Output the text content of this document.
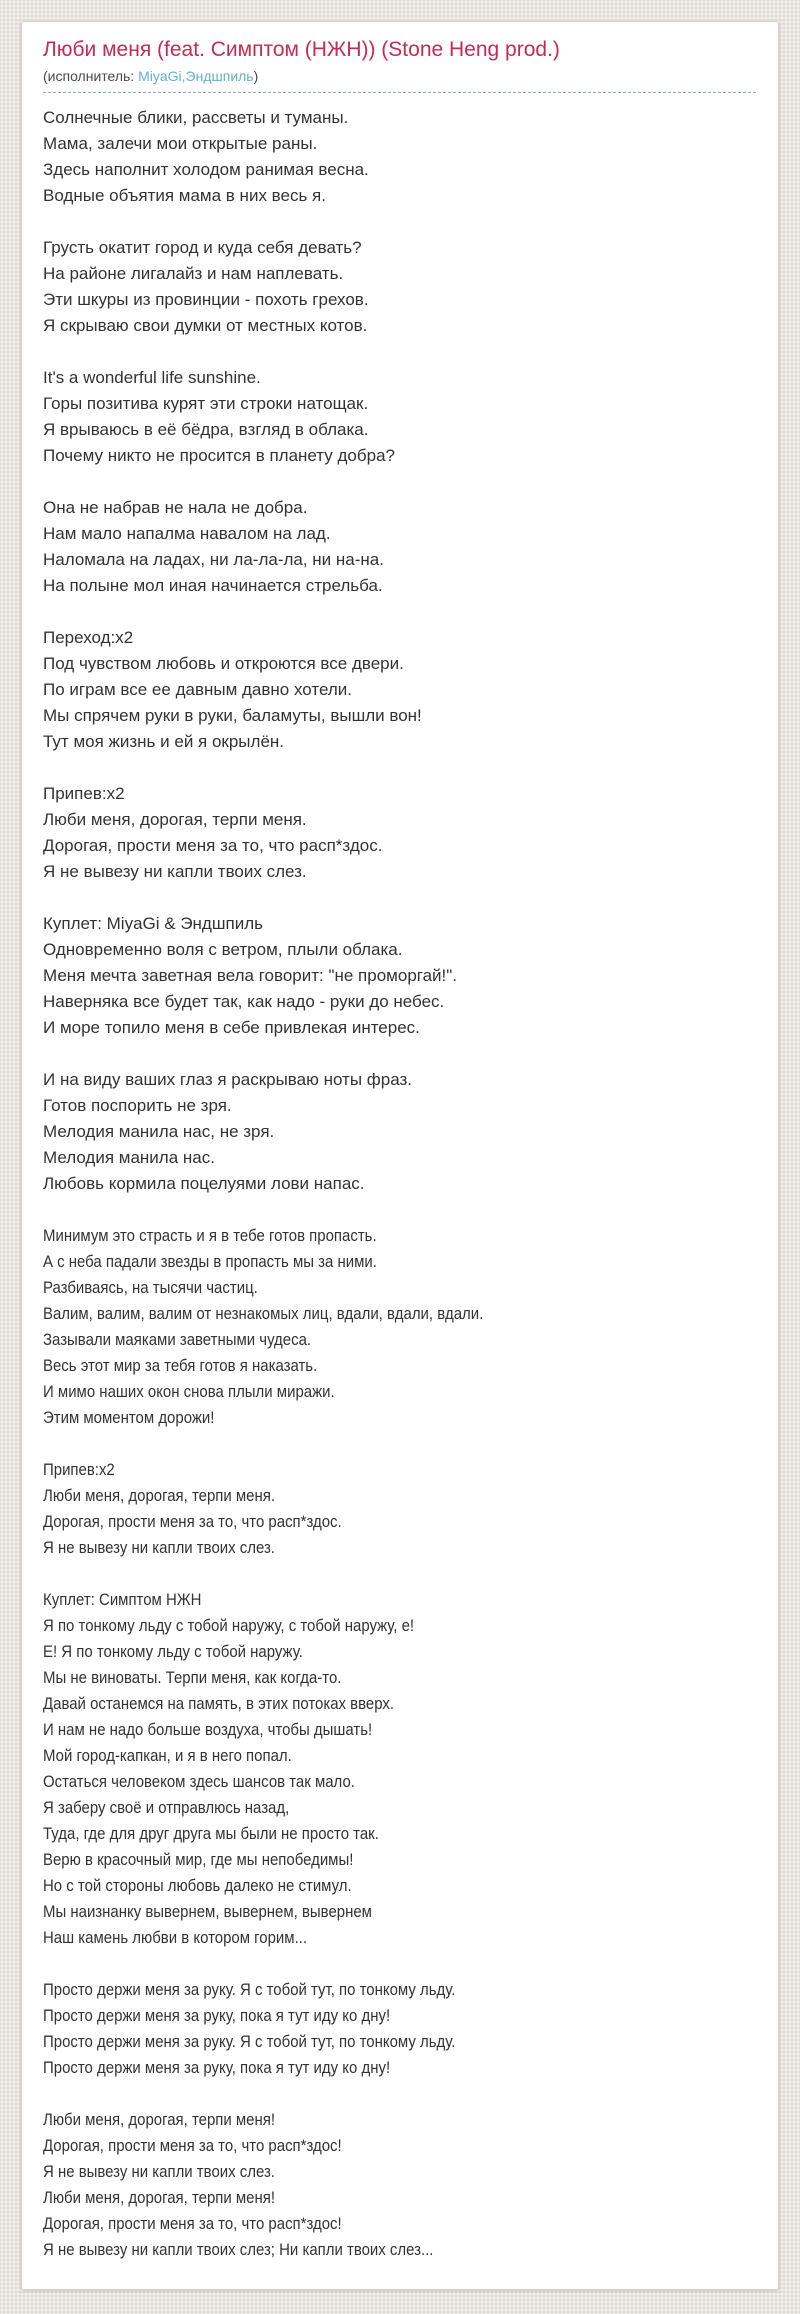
Люби меня (feat. Симптом (НЖН)) (Stone Heng prod.)
(исполнитель: MiyaGi,Эндшпиль)
Солнечные блики, рассветы и туманы.
Мама, залечи мои открытые раны.
Здесь наполнит холодом ранимая весна.
Водные объятия мама в них весь я.
Грусть окатит город и куда себя девать?
На районе лигалайз и нам наплевать.
Эти шкуры из провинции - похоть грехов.
Я скрываю свои думки от местных котов.
It's a wonderful life sunshine.
Горы позитива курят эти строки натощак.
Я врываюсь в её бёдра, взгляд в облака.
Почему никто не просится в планету добра?
Она не набрав не нала не добра.
Нам мало напалма навалом на лад.
Наломала на ладах, ни ла-ла-ла, ни на-на.
На полыне мол иная начинается стрельба.
Переход:x2
Под чувством любовь и откроются все двери.
По играм все ее давным давно хотели.
Мы спрячем руки в руки, баламуты, вышли вон!
Тут моя жизнь и ей я окрылён.
Припев:x2
Люби меня, дорогая, терпи меня.
Дорогая, прости меня за то, что расп*здос.
Я не вывезу ни капли твоих слез.
Куплет: MiyaGi & Эндшпиль
Одновременно воля с ветром, плыли облака.
Меня мечта заветная вела говорит: "не проморгай!".
Наверняка все будет так, как надо - руки до небес.
И море топило меня в себе привлекая интерес.
И на виду ваших глаз я раскрываю ноты фраз.
Готов поспорить не зря.
Мелодия манила нас, не зря.
Мелодия манила нас.
Любовь кормила поцелуями лови напас.
Минимум это страсть и я в тебе готов пропасть.
А с неба падали звезды в пропасть мы за ними.
Разбиваясь, на тысячи частиц.
Валим, валим, валим от незнакомых лиц, вдали, вдали, вдали.
Зазывали маяками заветными чудеса.
Весь этот мир за тебя готов я наказать.
И мимо наших окон снова плыли миражи.
Этим моментом дорожи!
Припев:x2
Люби меня, дорогая, терпи меня.
Дорогая, прости меня за то, что расп*здос.
Я не вывезу ни капли твоих слез.
Куплет: Симптом НЖН
Я по тонкому льду с тобой наружу, с тобой наружу, е!
Е! Я по тонкому льду с тобой наружу.
Мы не виноваты. Терпи меня, как когда-то.
Давай останемся на память, в этих потоках вверх.
И нам не надо больше воздуха, чтобы дышать!
Мой город-капкан, и я в него попал.
Остаться человеком здесь шансов так мало.
Я заберу своё и отправлюсь назад,
Туда, где для друг друга мы были не просто так.
Верю в красочный мир, где мы непобедимы!
Но с той стороны любовь далеко не стимул.
Мы наизнанку вывернем, вывернем, вывернем
Наш камень любви в котором горим...
Просто держи меня за руку. Я с тобой тут, по тонкому льду.
Просто держи меня за руку, пока я тут иду ко дну!
Просто держи меня за руку. Я с тобой тут, по тонкому льду.
Просто держи меня за руку, пока я тут иду ко дну!
Люби меня, дорогая, терпи меня!
Дорогая, прости меня за то, что расп*здос!
Я не вывезу ни капли твоих слез.
Люби меня, дорогая, терпи меня!
Дорогая, прости меня за то, что расп*здос!
Я не вывезу ни капли твоих слез; Ни капли твоих слез...
